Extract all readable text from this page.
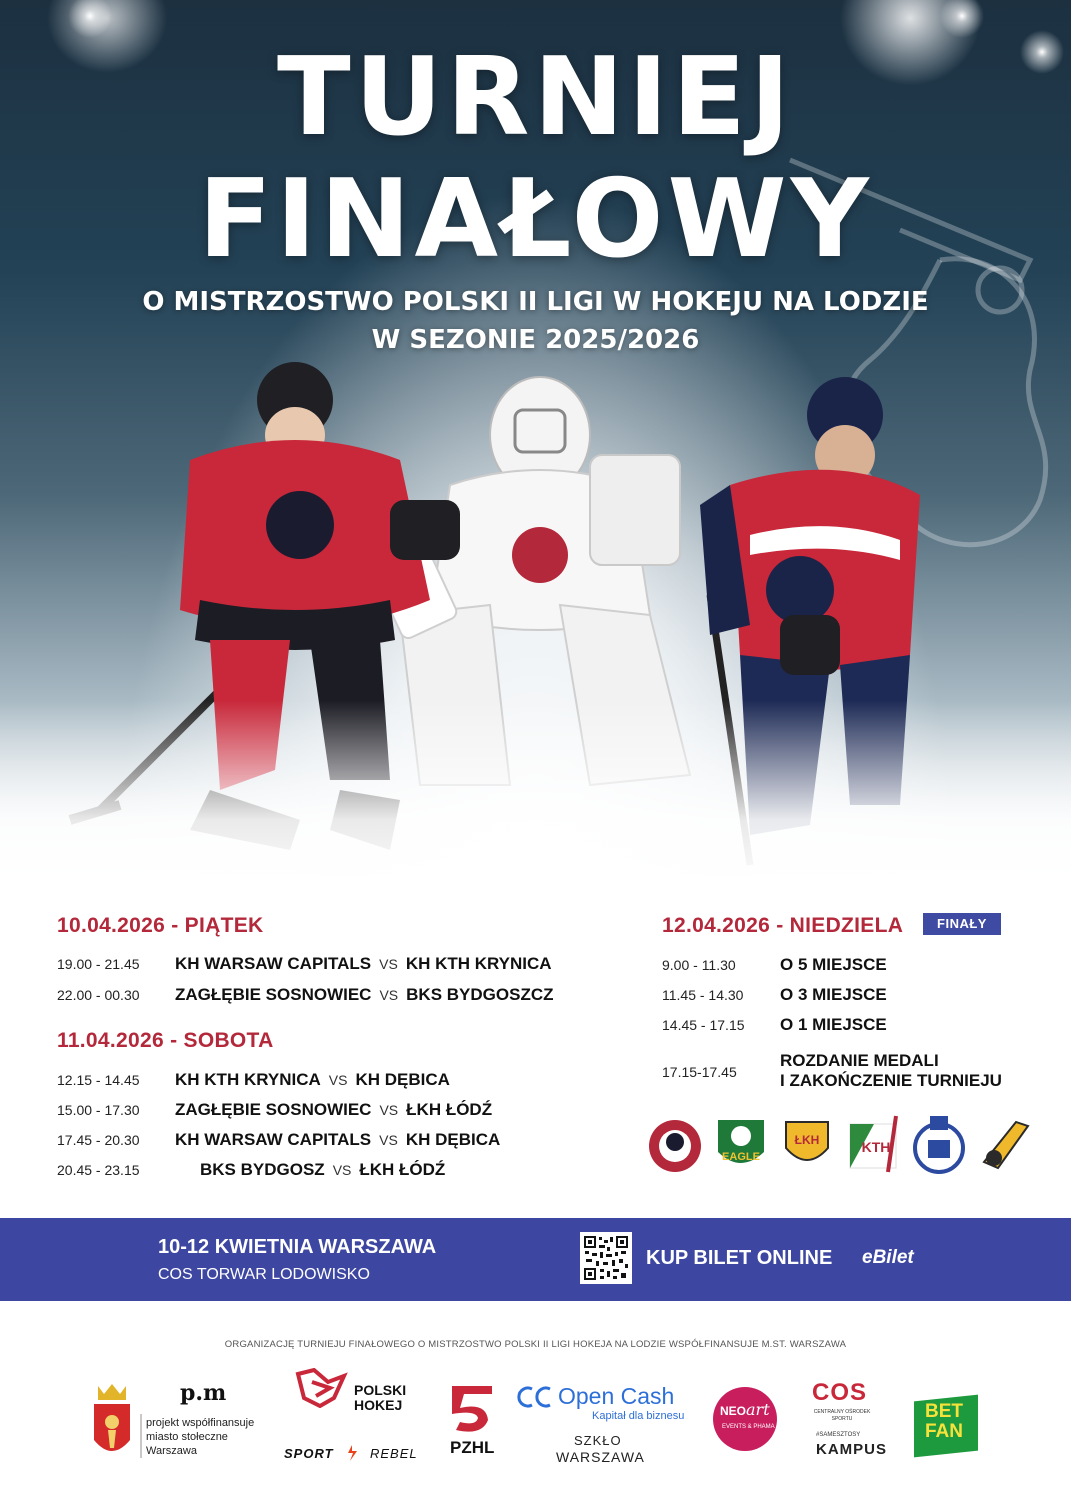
TURNIEJ
FINAŁOWY
O MISTRZOSTWO POLSKI II LIGI W HOKEJU NA LODZIE
W SEZONIE 2025/2026
10.04.2026 - PIĄTEK
19.00 - 21.45 KH WARSAW CAPITALS VS KH KTH KRYNICA
22.00 - 00.30 ZAGŁĘBIE SOSNOWIEC VS BKS BYDGOSZCZ
11.04.2026 - SOBOTA
12.15 - 14.45 KH KTH KRYNICA VS KH DĘBICA
15.00 - 17.30 ZAGŁĘBIE SOSNOWIEC VS ŁKH ŁÓDŹ
17.45 - 20.30 KH WARSAW CAPITALS VS KH DĘBICA
20.45 - 23.15	BKS BYDGOSZ VS ŁKH ŁÓDŹ
12.04.2026 - NIEDZIELA	FINAŁY
9.00 - 11.30	O 5 MIEJSCE
11.45 - 14.30 O 3 MIEJSCE
14.45 - 17.15 O 1 MIEJSCE
17.15-17.45
ROZDANIE MEDALI
I ZAKOŃCZENIE TURNIEJU
EAGLE
ŁKH	KTH
10-12 KWIETNIA WARSZAWA
COS TORWAR LODOWISKO
KUP BILET ONLINE eBilet
ORGANIZACJĘ TURNIEJU FINAŁOWEGO O MISTRZOSTWO POLSKI II LIGI HOKEJA NA LODZIE WSPÓŁFINANSUJE M.ST. WARSZAWA
p.m
projekt współfinansuje
miasto stołeczne
Warszawa
POLSKI
HOKEJ
SPORT	REBEL PZHL
Open Cash
Kapitał dla biznesu
SZKŁO
WARSZAWA
NEO art
EVENTS & PHAMA
COS
CENTRALNY OŚRODEK SPORTU
#SAMESZTOSY
KAMPUS
BET
FAN
